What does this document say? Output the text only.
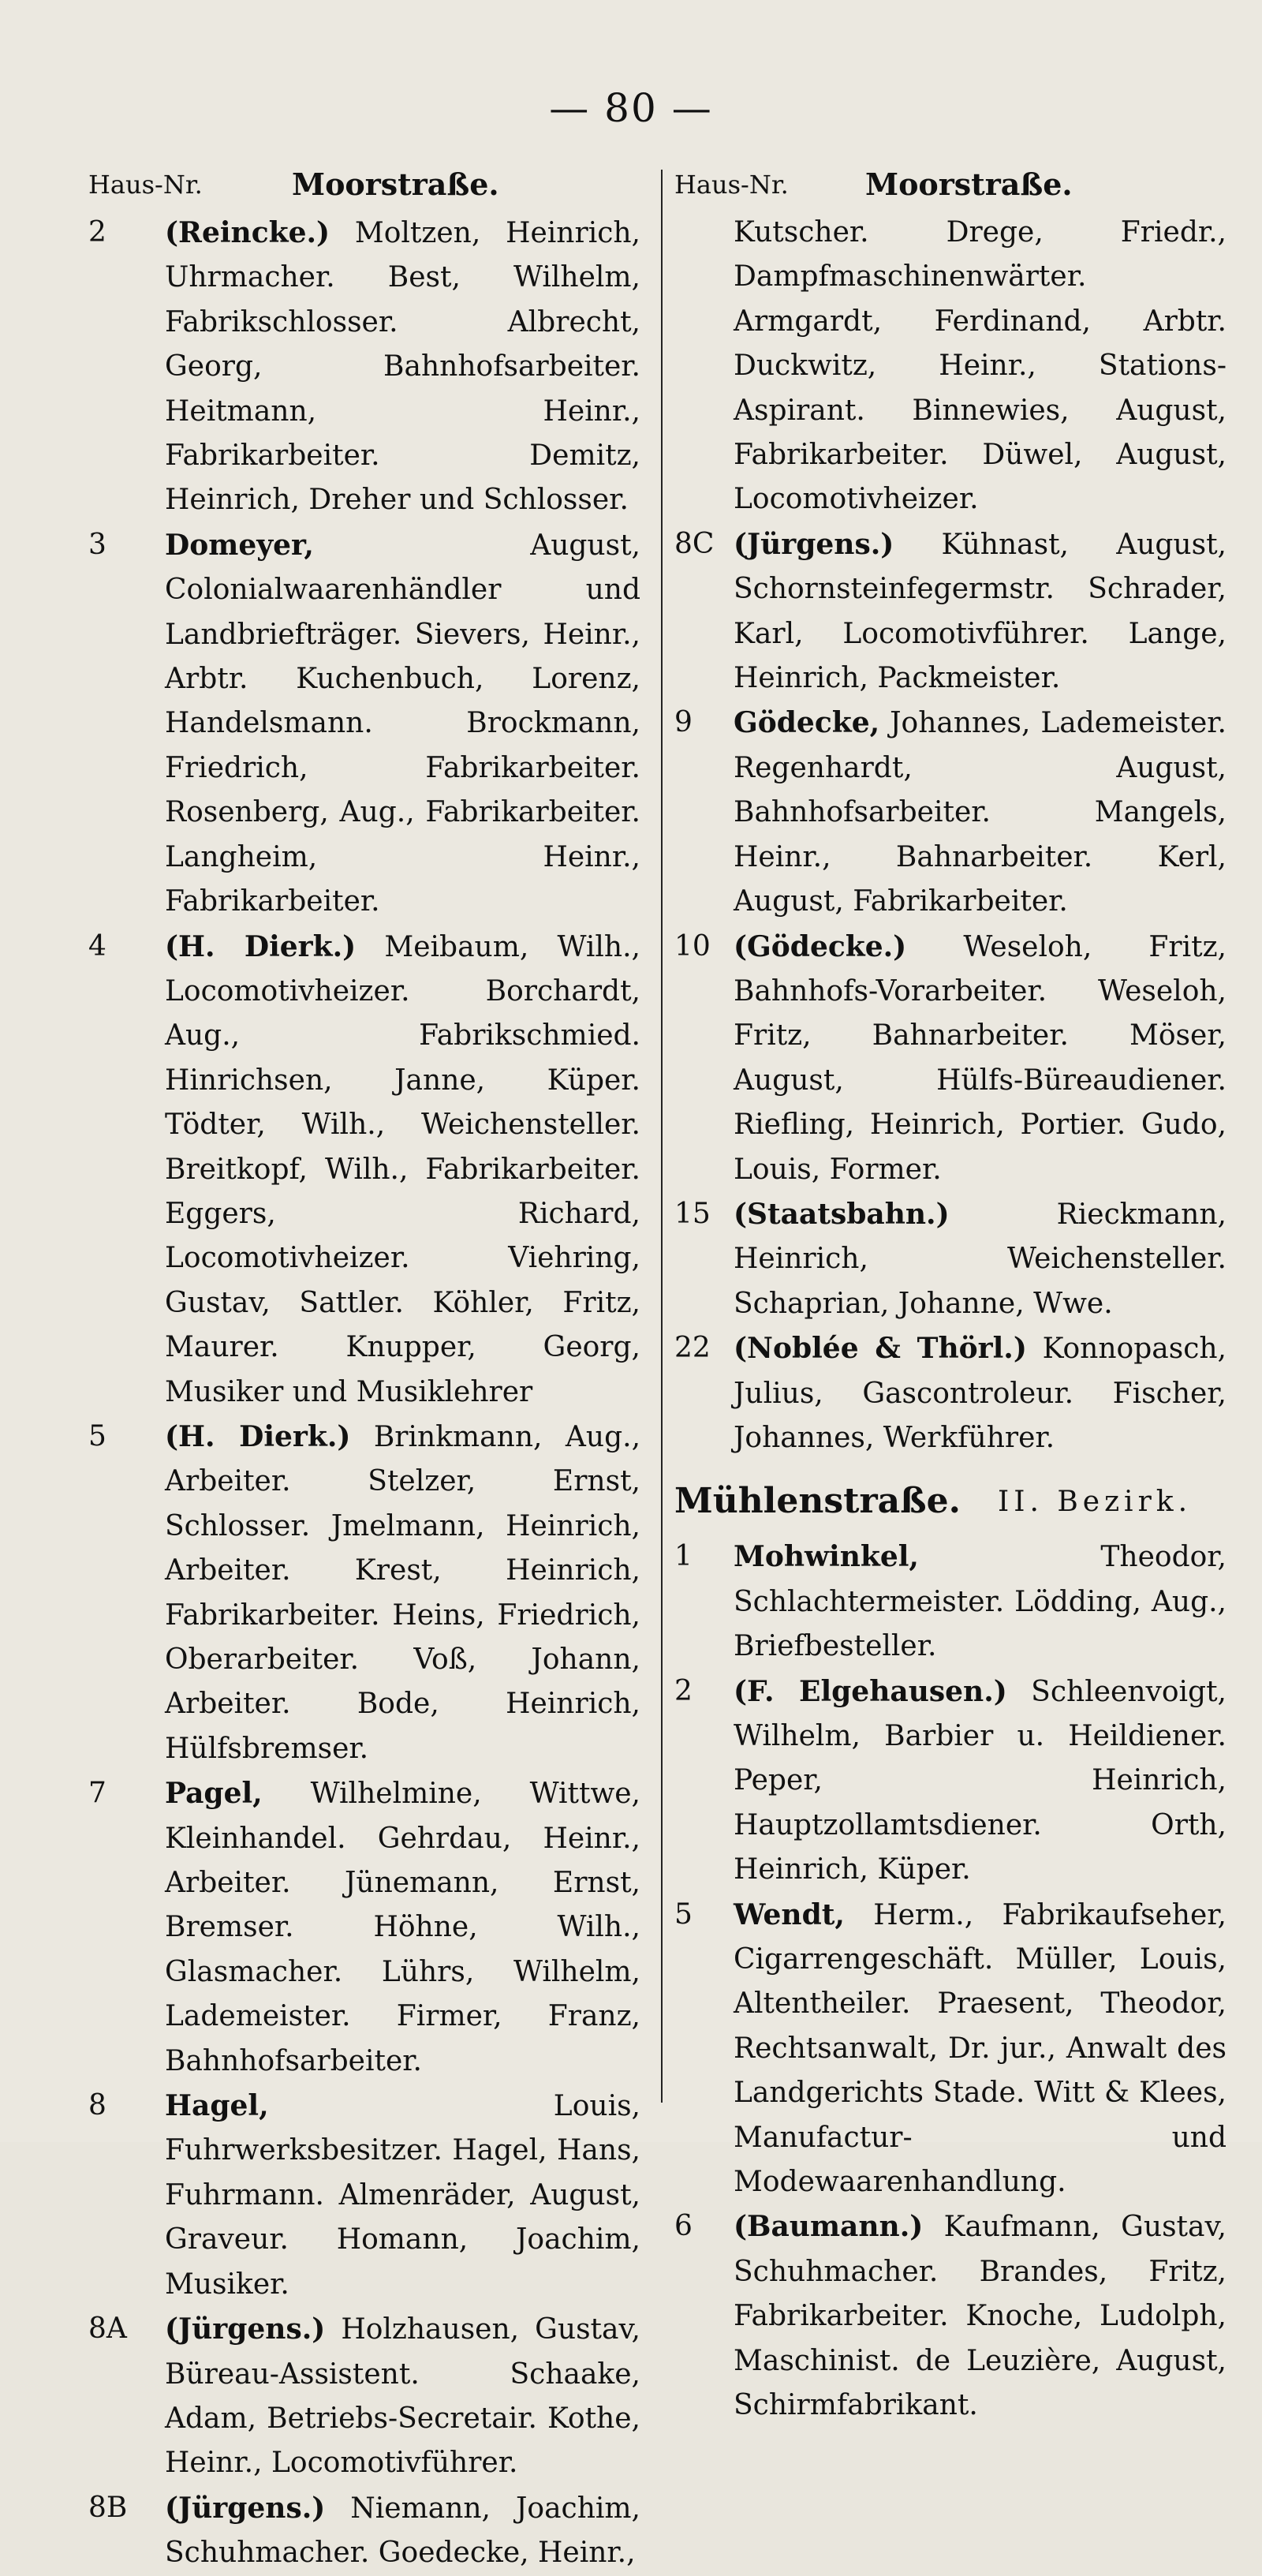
— 80 —
Haus-Nr.	Moorstraße.
2	(Reincke.) Moltzen, Heinrich, Uhrmacher. Best, Wilhelm, Fabrikschlosser. Albrecht, Georg, Bahnhofsarbeiter. Heitmann, Heinr., Fabrikarbeiter. Demitz, Heinrich, Dreher und Schlosser.
3	Domeyer, August, Colonialwaarenhändler und Landbriefträger. Sievers, Heinr., Arbtr. Kuchenbuch, Lorenz, Handelsmann. Brockmann, Friedrich, Fabrikarbeiter. Rosenberg, Aug., Fabrikarbeiter. Langheim, Heinr., Fabrikarbeiter.
4	(H. Dierk.) Meibaum, Wilh., Locomotivheizer. Borchardt, Aug., Fabrikschmied. Hinrichsen, Janne, Küper. Tödter, Wilh., Weichensteller. Breitkopf, Wilh., Fabrikarbeiter. Eggers, Richard, Locomotivheizer. Viehring, Gustav, Sattler. Köhler, Fritz, Maurer. Knupper, Georg, Musiker und Musiklehrer
5	(H. Dierk.) Brinkmann, Aug., Arbeiter. Stelzer, Ernst, Schlosser. Jmelmann, Heinrich, Arbeiter. Krest, Heinrich, Fabrikarbeiter. Heins, Friedrich, Oberarbeiter. Voß, Johann, Arbeiter. Bode, Heinrich, Hülfsbremser.
7	Pagel, Wilhelmine, Wittwe, Kleinhandel. Gehrdau, Heinr., Arbeiter. Jünemann, Ernst, Bremser. Höhne, Wilh., Glasmacher. Lührs, Wilhelm, Lademeister. Firmer, Franz, Bahnhofsarbeiter.
8	Hagel, Louis, Fuhrwerksbesitzer. Hagel, Hans, Fuhrmann. Almenräder, August, Graveur. Homann, Joachim, Musiker.
8A	(Jürgens.) Holzhausen, Gustav, Büreau-Assistent. Schaake, Adam, Betriebs-Secretair. Kothe, Heinr., Locomotivführer.
8B	(Jürgens.) Niemann, Joachim, Schuhmacher. Goedecke, Heinr.,
Haus-Nr.	Moorstraße.
Kutscher. Drege, Friedr., Dampfmaschinenwärter. Armgardt, Ferdinand, Arbtr. Duckwitz, Heinr., Stations-Aspirant. Binnewies, August, Fabrikarbeiter. Düwel, August, Locomotivheizer.
8C (Jürgens.) Kühnast, August, Schornsteinfegermstr. Schrader, Karl, Locomotivführer. Lange, Heinrich, Packmeister.
9	Gödecke, Johannes, Lademeister. Regenhardt, August, Bahnhofsarbeiter. Mangels, Heinr., Bahnarbeiter. Kerl, August, Fabrikarbeiter.
10 (Gödecke.) Weseloh, Fritz, Bahnhofs-Vorarbeiter. Weseloh, Fritz, Bahnarbeiter. Möser, August, Hülfs-Büreaudiener. Riefling, Heinrich, Portier. Gudo, Louis, Former.
15 (Staatsbahn.) Rieckmann, Heinrich, Weichensteller. Schaprian, Johanne, Wwe.
22 (Noblée & Thörl.) Konnopasch, Julius, Gascontroleur. Fischer, Johannes, Werkführer.
Mühlenstraße. II. Bezirk.
1	Mohwinkel, Theodor, Schlachtermeister. Lödding, Aug., Briefbesteller.
2	(F. Elgehausen.) Schleenvoigt, Wilhelm, Barbier u. Heildiener. Peper, Heinrich, Hauptzollamtsdiener. Orth, Heinrich, Küper.
5	Wendt, Herm., Fabrikaufseher, Cigarrengeschäft. Müller, Louis, Altentheiler. Praesent, Theodor, Rechtsanwalt, Dr. jur., Anwalt des Landgerichts Stade. Witt & Klees, Manufactur- und Modewaarenhandlung.
6	(Baumann.) Kaufmann, Gustav, Schuhmacher. Brandes, Fritz, Fabrikarbeiter. Knoche, Ludolph, Maschinist. de Leuzière, August, Schirmfabrikant.
